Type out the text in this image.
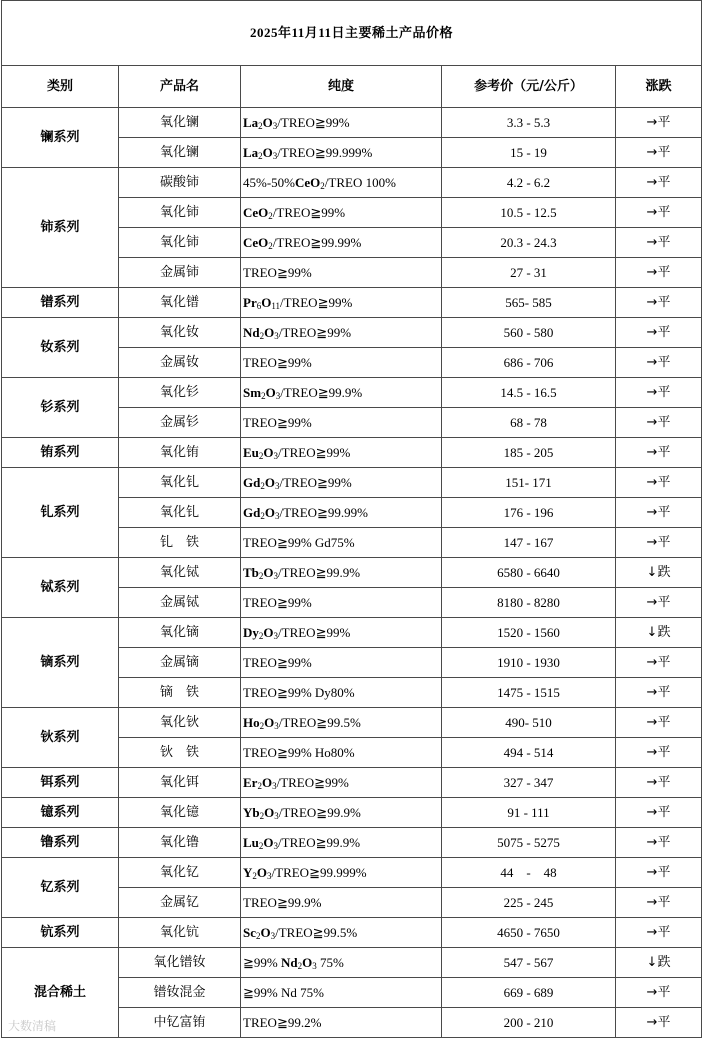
2025年11月11日主要稀土产品价格				
类别	产品名	纯度	参考价（元/公斤）	涨跌
镧系列	氧化镧	$La_2O_3/TREO≧99\%$	3.3 - 5.3	→平
	氧化镧	$La_2O_3/TREO≧99.999\%$	15 - 19	→平
铈系列	碳酸铈	45%-50%CeO$_2$/TREO 100%	4.2 - 6.2	→平
	氧化铈	CeO$_2$/TREO≧99%	10.5 - 12.5	→平
	氧化铈	CeO$_2$/TREO≧99.99%	20.3 - 24.3	→平
	金属铈	TREO≧99%	27 - 31	→平
镨系列	氧化镨	$Pr_6O_{11}/TREO≧99\%$	565- 585	→平
钕系列	氧化钕	$Nd_2O_3/TREO≧99\%$	560 - 580	→平
	金属钕	TREO≧99%	686 - 706	→平
钐系列	氧化钐	$Sm_2O_3/TREO≧99.9\%$	14.5 - 16.5	→平
	金属钐	TREO≧99%	68 - 78	→平
铕系列	氧化铕	$Eu_2O_3/TREO≧99\%$	185 - 205	→平
钆系列	氧化钆	$Gd_2O_3/TREO≧99\%$	151- 171	→平
	氧化钆	$Gd_2O_3/TREO≧99.99\%$	176 - 196	→平
	钆　铁	TREO≧99% Gd75%	147 - 167	→平
铽系列	氧化铽	$Tb_2O_3/TREO≧99.9\%$	6580 - 6640	↓跌
	金属铽	TREO≧99%	8180 - 8280	→平
镝系列	氧化镝	$Dy_2O_3/TREO≧99\%$	1520 - 1560	↓跌
	金属镝	TREO≧99%	1910 - 1930	→平
	镝　铁	TREO≧99% Dy80%	1475 - 1515	→平
钬系列	氧化钬	$Ho_2O_3/TREO≧99.5\%$	490- 510	→平
	钬　铁	TREO≧99% Ho80%	494 - 514	→平
铒系列	氧化铒	$Er_2O_3/TREO≧99\%$	327 - 347	→平
镱系列	氧化镱	$Yb_2O_3/TREO≧99.9\%$	91 - 111	→平
镥系列	氧化镥	$Lu_2O_3/TREO≧99.9\%$	5075 - 5275	→平
钇系列	氧化钇	$Y_2O_3/TREO≧99.999\%$	44　-　48	→平
	金属钇	TREO≧99.9%	225 - 245	→平
钪系列	氧化钪	$Sc_2O_3/TREO≧99.5\%$	4650 - 7650	→平
混合稀土	氧化镨钕	≧99% $Nd_2O_3$ 75%	547 - 567	↓跌
	镨钕混金	≧99% Nd 75%	669 - 689	→平
	中钇富铕	TREO≧99.2%	200 - 210	→平
大数清稿
